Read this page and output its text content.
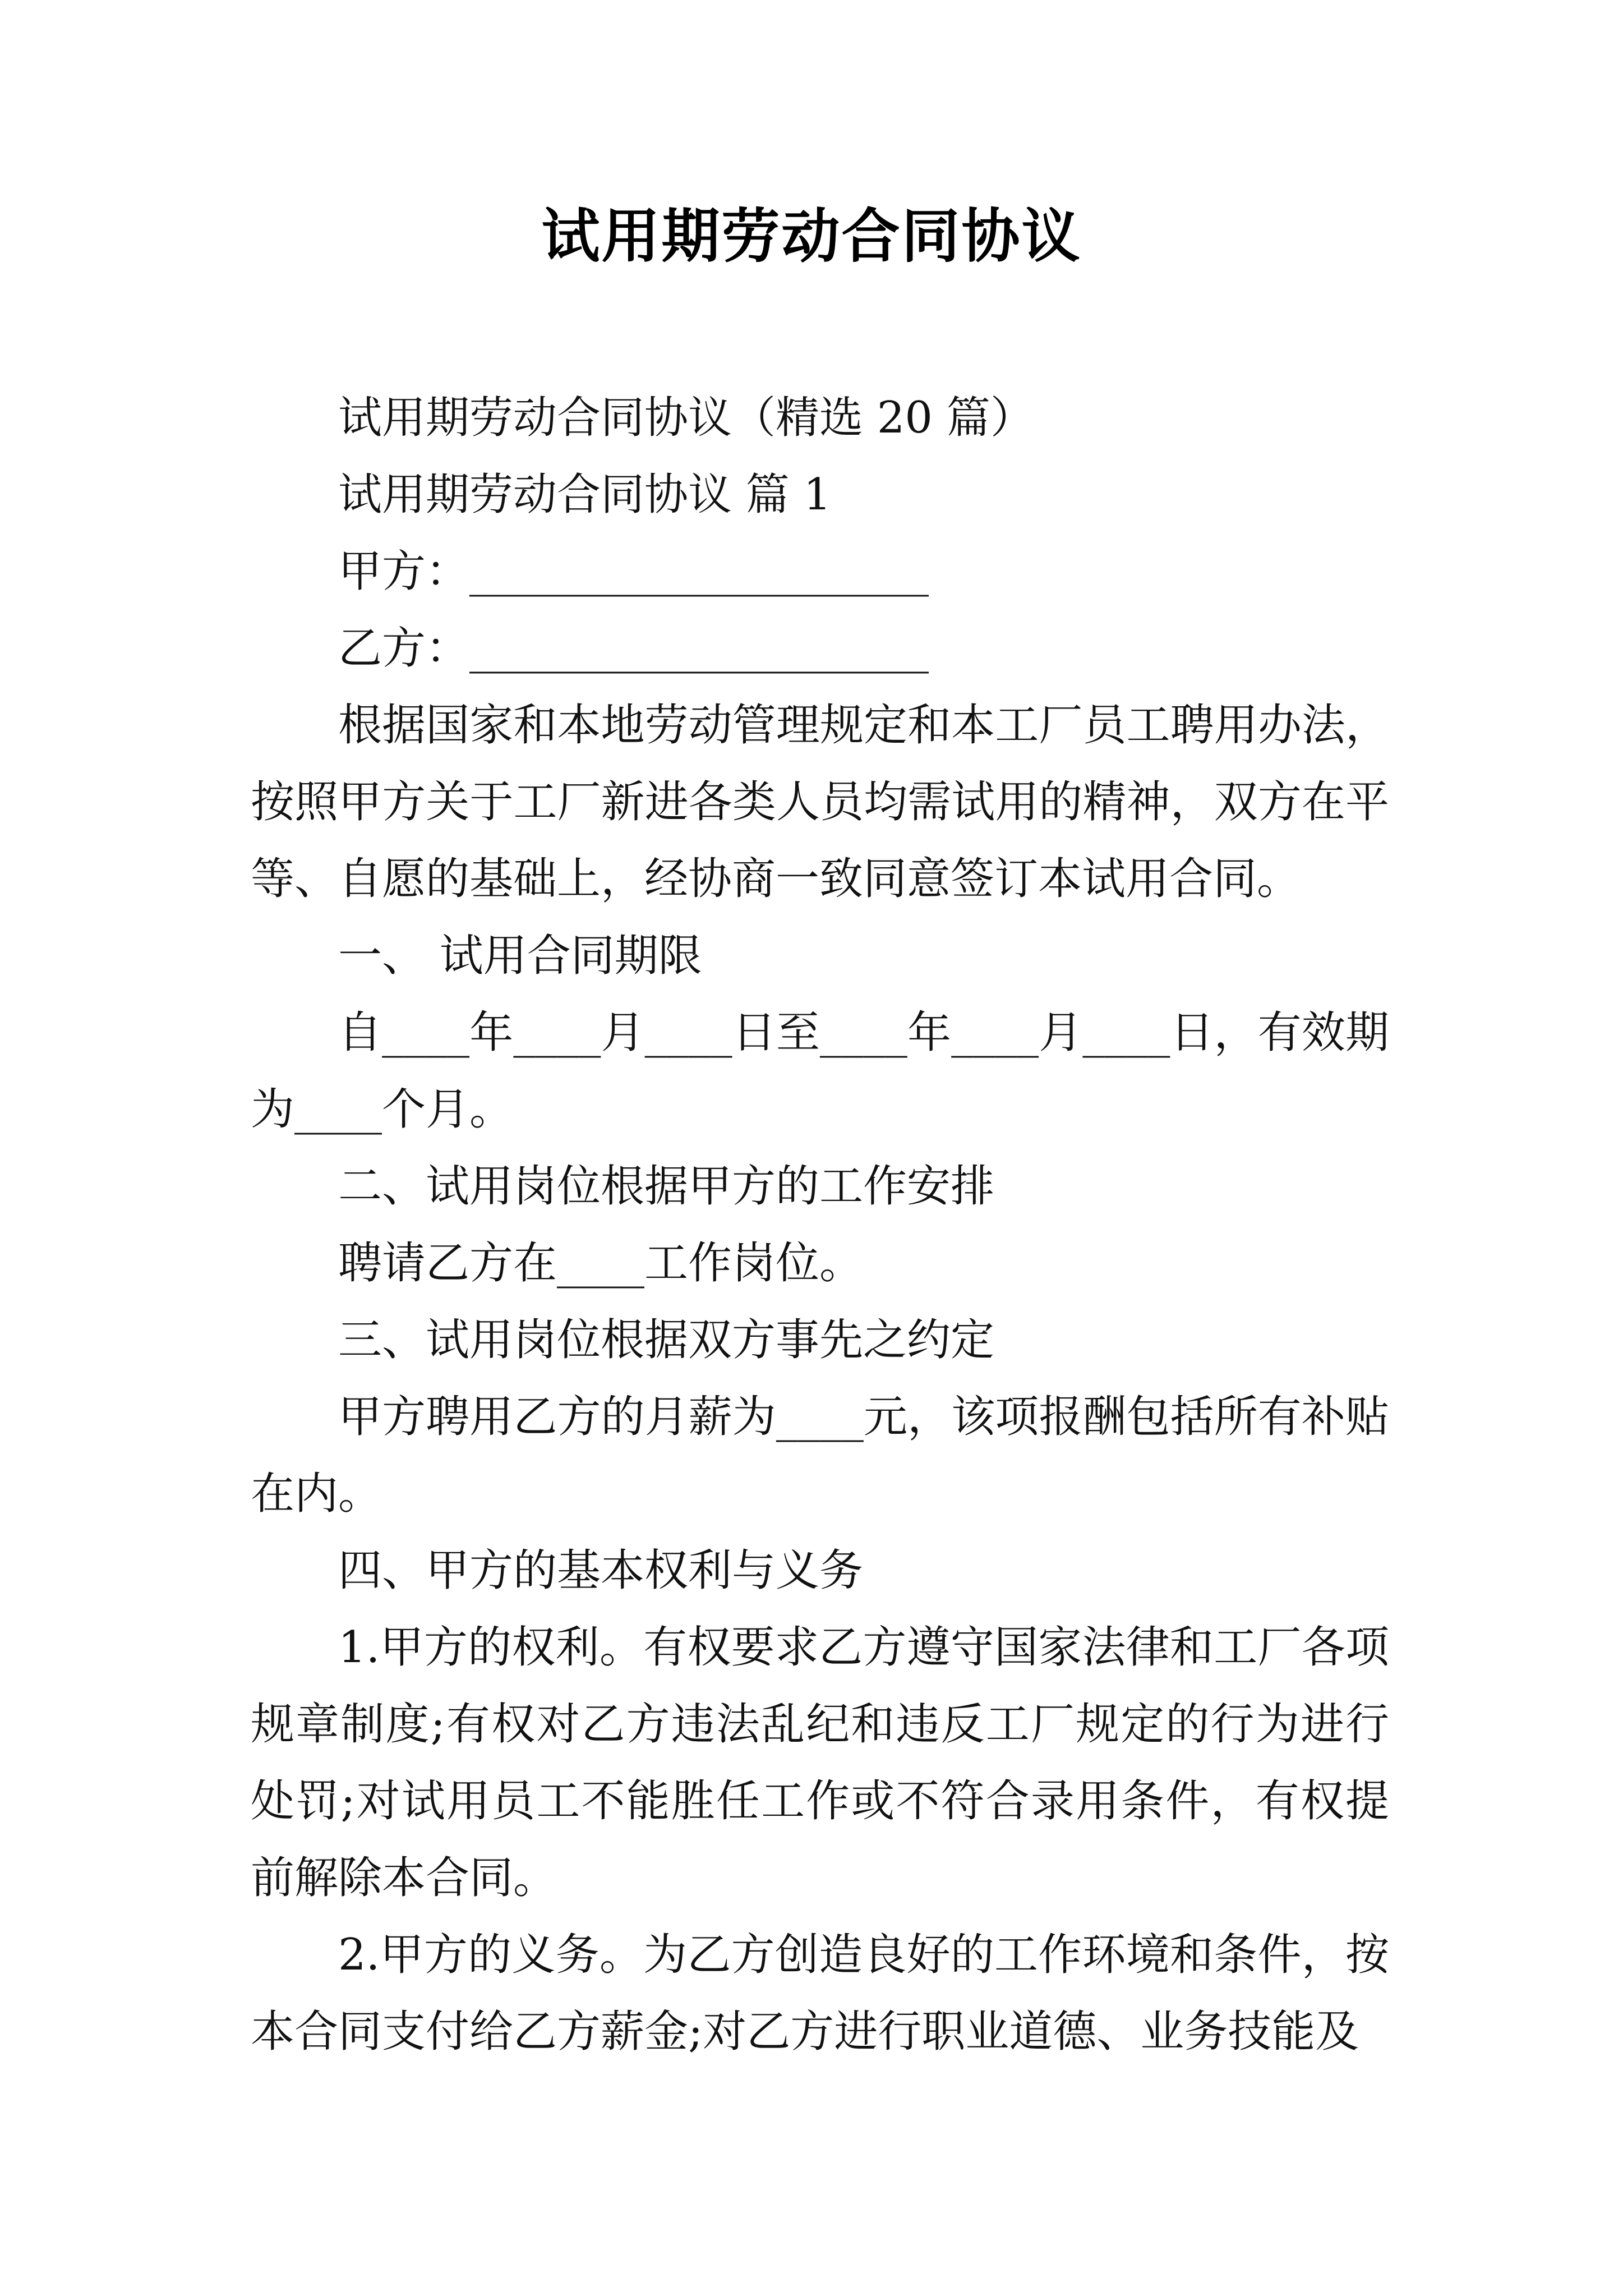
试用期劳动合同协议

试用期劳动合同协议（精选 20 篇）

试用期劳动合同协议 篇 1

甲方：_____________________

乙方：_____________________

根据国家和本地劳动管理规定和本工厂员工聘用办法，按照甲方关于工厂新进各类人员均需试用的精神，双方在平等、自愿的基础上，经协商一致同意签订本试用合同。

一、 试用合同期限

自____年____月____日至____年____月____日，有效期为____个月。

二、试用岗位根据甲方的工作安排

聘请乙方在____工作岗位。

三、试用岗位根据双方事先之约定

甲方聘用乙方的月薪为____元，该项报酬包括所有补贴在内。

四、甲方的基本权利与义务

1.甲方的权利。有权要求乙方遵守国家法律和工厂各项规章制度;有权对乙方违法乱纪和违反工厂规定的行为进行处罚;对试用员工不能胜任工作或不符合录用条件，有权提前解除本合同。

2.甲方的义务。为乙方创造良好的工作环境和条件，按本合同支付给乙方薪金;对乙方进行职业道德、业务技能及
